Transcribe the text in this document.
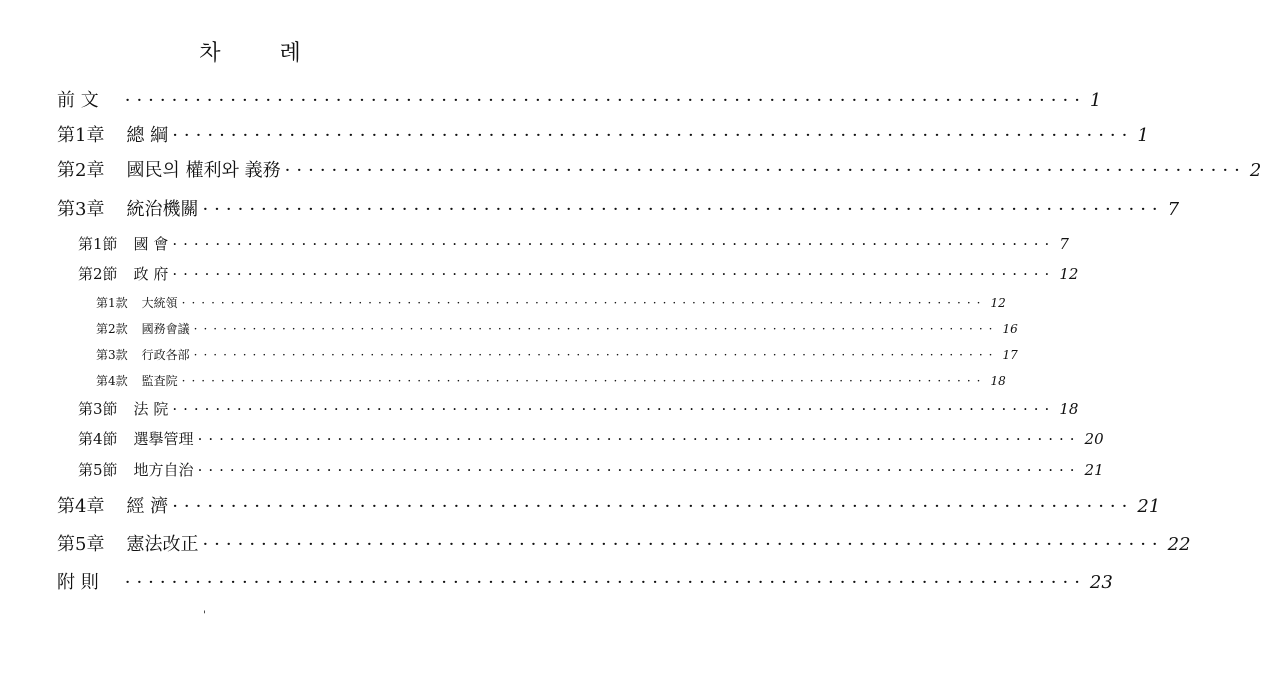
차 례
前 文 ·················································································· 1
第1章 總 綱 ·················································································· 1
第2章 國民의 權利와 義務 ·················································································· 2
第3章 統治機關 ·················································································· 7
第1節 國 會 ·················································································· 7
第2節 政 府 ·················································································· 12
第1款 大統領 ·················································································· 12
第2款 國務會議 ·················································································· 16
第3款 行政各部 ·················································································· 17
第4款 監査院 ·················································································· 18
第3節 法 院 ·················································································· 18
第4節 選擧管理 ·················································································· 20
第5節 地方自治 ·················································································· 21
第4章 經 濟 ·················································································· 21
第5章 憲法改正 ·················································································· 22
附 則 ·················································································· 23
'
